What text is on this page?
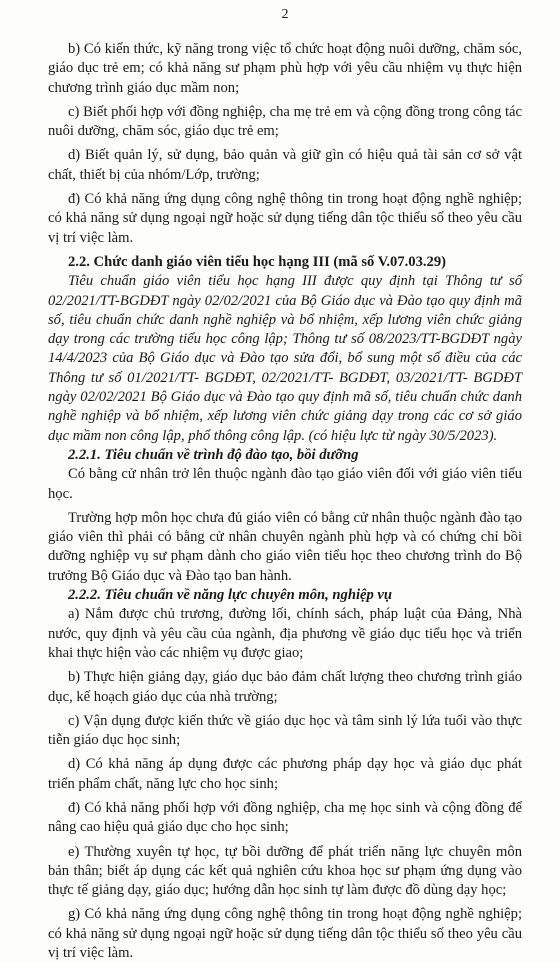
2

b) Có kiến thức, kỹ năng trong việc tổ chức hoạt động nuôi dưỡng, chăm sóc, giáo dục trẻ em; có khả năng sư phạm phù hợp với yêu cầu nhiệm vụ thực hiện chương trình giáo dục mầm non;

c) Biết phối hợp với đồng nghiệp, cha mẹ trẻ em và cộng đồng trong công tác nuôi dưỡng, chăm sóc, giáo dục trẻ em;

d) Biết quản lý, sử dụng, bảo quản và giữ gìn có hiệu quả tài sản cơ sở vật chất, thiết bị của nhóm/Lớp, trường;

đ) Có khả năng ứng dụng công nghệ thông tin trong hoạt động nghề nghiệp; có khả năng sử dụng ngoại ngữ hoặc sử dụng tiếng dân tộc thiểu số theo yêu cầu vị trí việc làm.

2.2. Chức danh giáo viên tiểu học hạng III (mã số V.07.03.29)

Tiêu chuẩn giáo viên tiểu học hạng III được quy định tại Thông tư số 02/2021/TT-BGDĐT ngày 02/02/2021 của Bộ Giáo dục và Đào tạo quy định mã số, tiêu chuẩn chức danh nghề nghiệp và bổ nhiệm, xếp lương viên chức giảng dạy trong các trường tiểu học công lập; Thông tư số 08/2023/TT-BGDĐT ngày 14/4/2023 của Bộ Giáo dục và Đào tạo sửa đổi, bổ sung một số điều của các Thông tư số 01/2021/TT- BGDĐT, 02/2021/TT- BGDĐT, 03/2021/TT- BGDĐT ngày 02/02/2021 Bộ Giáo dục và Đào tạo quy định mã số, tiêu chuẩn chức danh nghề nghiệp và bổ nhiệm, xếp lương viên chức giảng dạy trong các cơ sở giáo dục mầm non công lập, phổ thông công lập. (có hiệu lực từ ngày 30/5/2023).

2.2.1. Tiêu chuẩn về trình độ đào tạo, bồi dưỡng

Có bằng cử nhân trở lên thuộc ngành đào tạo giáo viên đối với giáo viên tiểu học.

Trường hợp môn học chưa đủ giáo viên có bằng cử nhân thuộc ngành đào tạo giáo viên thì phải có bằng cử nhân chuyên ngành phù hợp và có chứng chỉ bồi dưỡng nghiệp vụ sư phạm dành cho giáo viên tiểu học theo chương trình do Bộ trưởng Bộ Giáo dục và Đào tạo ban hành.

2.2.2. Tiêu chuẩn về năng lực chuyên môn, nghiệp vụ

a) Nắm được chủ trương, đường lối, chính sách, pháp luật của Đảng, Nhà nước, quy định và yêu cầu của ngành, địa phương về giáo dục tiểu học và triển khai thực hiện vào các nhiệm vụ được giao;

b) Thực hiện giảng dạy, giáo dục bảo đảm chất lượng theo chương trình giáo dục, kế hoạch giáo dục của nhà trường;

c) Vận dụng được kiến thức về giáo dục học và tâm sinh lý lứa tuổi vào thực tiễn giáo dục học sinh;

d) Có khả năng áp dụng được các phương pháp dạy học và giáo dục phát triển phẩm chất, năng lực cho học sinh;

đ) Có khả năng phối hợp với đồng nghiệp, cha mẹ học sinh và cộng đồng để nâng cao hiệu quả giáo dục cho học sinh;

e) Thường xuyên tự học, tự bồi dưỡng để phát triển năng lực chuyên môn bản thân; biết áp dụng các kết quả nghiên cứu khoa học sư phạm ứng dụng vào thực tế giảng dạy, giáo dục; hướng dẫn học sinh tự làm được đồ dùng dạy học;

g) Có khả năng ứng dụng công nghệ thông tin trong hoạt động nghề nghiệp; có khả năng sử dụng ngoại ngữ hoặc sử dụng tiếng dân tộc thiểu số theo yêu cầu vị trí việc làm.
